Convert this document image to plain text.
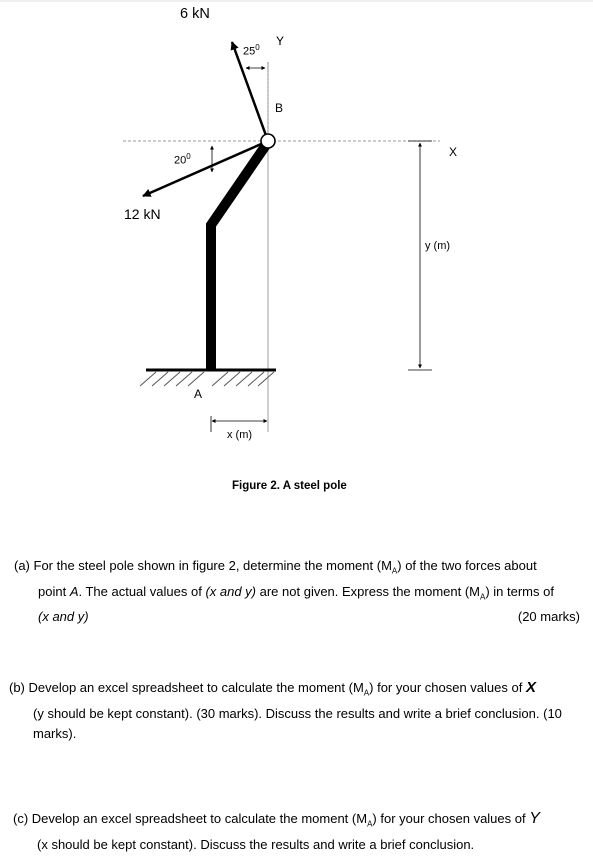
6 kN
$25^0$ Y
B
X
$20^0$
12 kN
y (m)
A
x (m)
Figure 2. A steel pole
(a) For the steel pole shown in figure 2, determine the moment $(M_A)$ of the two forces about
point A. The actual values of (x and y) are not given. Express the moment $(M_A)$ in terms of
(x and y)	(20 marks)
(b) Develop an excel spreadsheet to calculate the moment $(M_A)$ for your chosen values of X
(y should be kept constant). (30 marks). Discuss the results and write a brief conclusion. (10
marks).
(c) Develop an excel spreadsheet to calculate the moment $(M_A)$ for your chosen values of Y
(x should be kept constant). Discuss the results and write a brief conclusion.
